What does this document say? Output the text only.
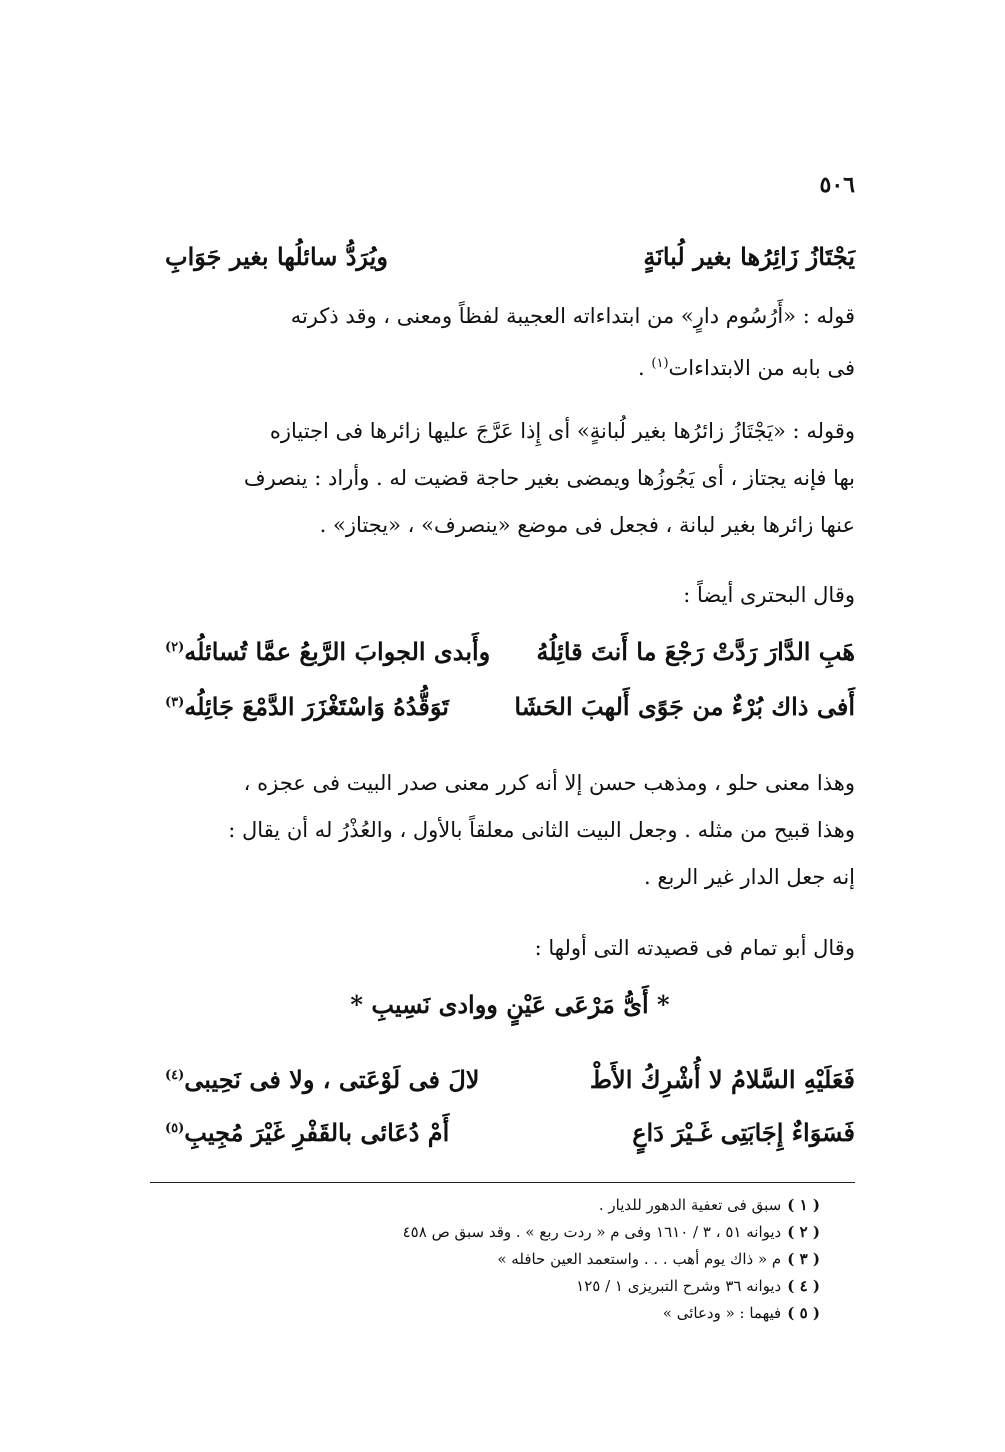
٥٠٦
يَجْتَازُ زَائِرُها بغير لُبانَةٍ
ويُرَدُّ سائلُها بغير جَوَابِ
قوله : «أَرُسُوم دارٍ» من ابتداءاته العجيبة لفظاً ومعنى ، وقد ذكرته
فى بابه من الابتداءات$^{(١)}$ .
وقوله : «يَجْتَازُ زائرُها بغير لُبانةٍ» أى إِذا عَرَّجَ عليها زائرها فى اجتيازه
بها فإنه يجتاز ، أى يَجُوزُها ويمضى بغير حاجة قضيت له . وأراد : ينصرف
عنها زائرها بغير لبانة ، فجعل فى موضع «ينصرف» ، «يجتاز» .
وقال البحترى أيضاً :
هَبِ الدَّارَ رَدَّتْ رَجْعَ ما أَنتَ قائِلُهُ
وأَبدى الجوابَ الرَّبعُ عمَّا تُسائلُه$^{(٢)}$
أَفى ذاك بُرْءٌ من جَوًى أَلهبَ الحَشَا
تَوَقُّدُهُ وَاسْتَغْزَرَ الدَّمْعَ جَائِلُه$^{(٣)}$
وهذا معنى حلو ، ومذهب حسن إلا أنه كرر معنى صدر البيت فى عجزه ،
وهذا قبيح من مثله . وجعل البيت الثانى معلقاً بالأول ، والعُذْرُ له أن يقال :
إنه جعل الدار غير الربع .
وقال أبو تمام فى قصيدته التى أولها :
* أَىُّ مَرْعَى عَيْنٍ ووادى نَسِيبِ *
فَعَلَيْهِ السَّلامُ لا أُشْرِكُ الأَطْ
لالَ فى لَوْعَتى ، ولا فى نَحِيبى$^{(٤)}$
فَسَوَاءٌ إِجَابَتِى غَـيْرَ دَاعٍ
أَمْ دُعَائى بالقَفْرِ غَيْرَ مُجِيبِ$^{(٥)}$
( ١ ) سبق فى تعفية الدهور للديار .
( ٢ ) ديوانه ٥١ ، ٣ / ١٦١٠ وفى م « ردت ربع » . وقد سبق ص ٤٥٨
( ٣ ) م « ذاك يوم أهب . . . واستعمد العين حافله »
( ٤ ) ديوانه ٣٦ وشرح التبريزى ١ / ١٢٥
( ٥ ) فيهما : « ودعائى »
